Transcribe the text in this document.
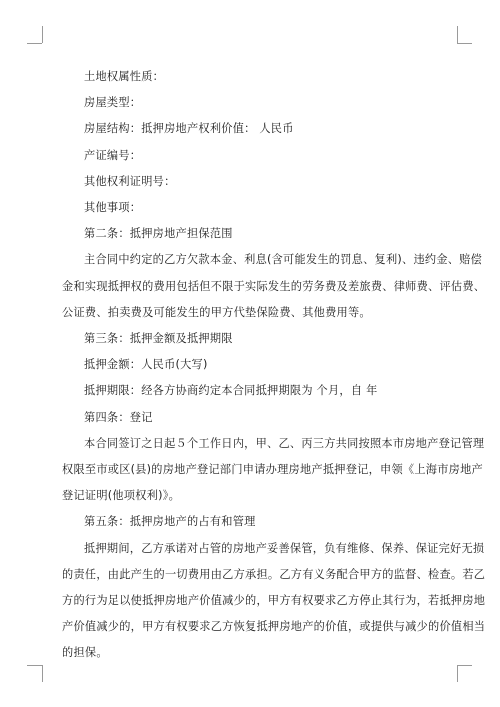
土地权属性质：
房屋类型：
房屋结构：抵押房地产权利价值： 人民币
产证编号：
其他权利证明号：
其他事项：
第二条：抵押房地产担保范围
主合同中约定的乙方欠款本金、利息(含可能发生的罚息、复利)、违约金、赔偿
金和实现抵押权的费用包括但不限于实际发生的劳务费及差旅费、律师费、评估费、
公证费、拍卖费及可能发生的甲方代垫保险费、其他费用等。
第三条：抵押金额及抵押期限
抵押金额：人民币(大写)
抵押期限：经各方协商约定本合同抵押期限为 个月，自 年
第四条：登记
本合同签订之日起５个工作日内，甲、乙、丙三方共同按照本市房地产登记管理
权限至市或区(县)的房地产登记部门申请办理房地产抵押登记，申领《上海市房地产
登记证明(他项权利)》。
第五条：抵押房地产的占有和管理
抵押期间，乙方承诺对占管的房地产妥善保管，负有维修、保养、保证完好无损
的责任，由此产生的一切费用由乙方承担。乙方有义务配合甲方的监督、检查。若乙
方的行为足以使抵押房地产价值减少的，甲方有权要求乙方停止其行为，若抵押房地
产价值减少的，甲方有权要求乙方恢复抵押房地产的价值，或提供与减少的价值相当
的担保。
